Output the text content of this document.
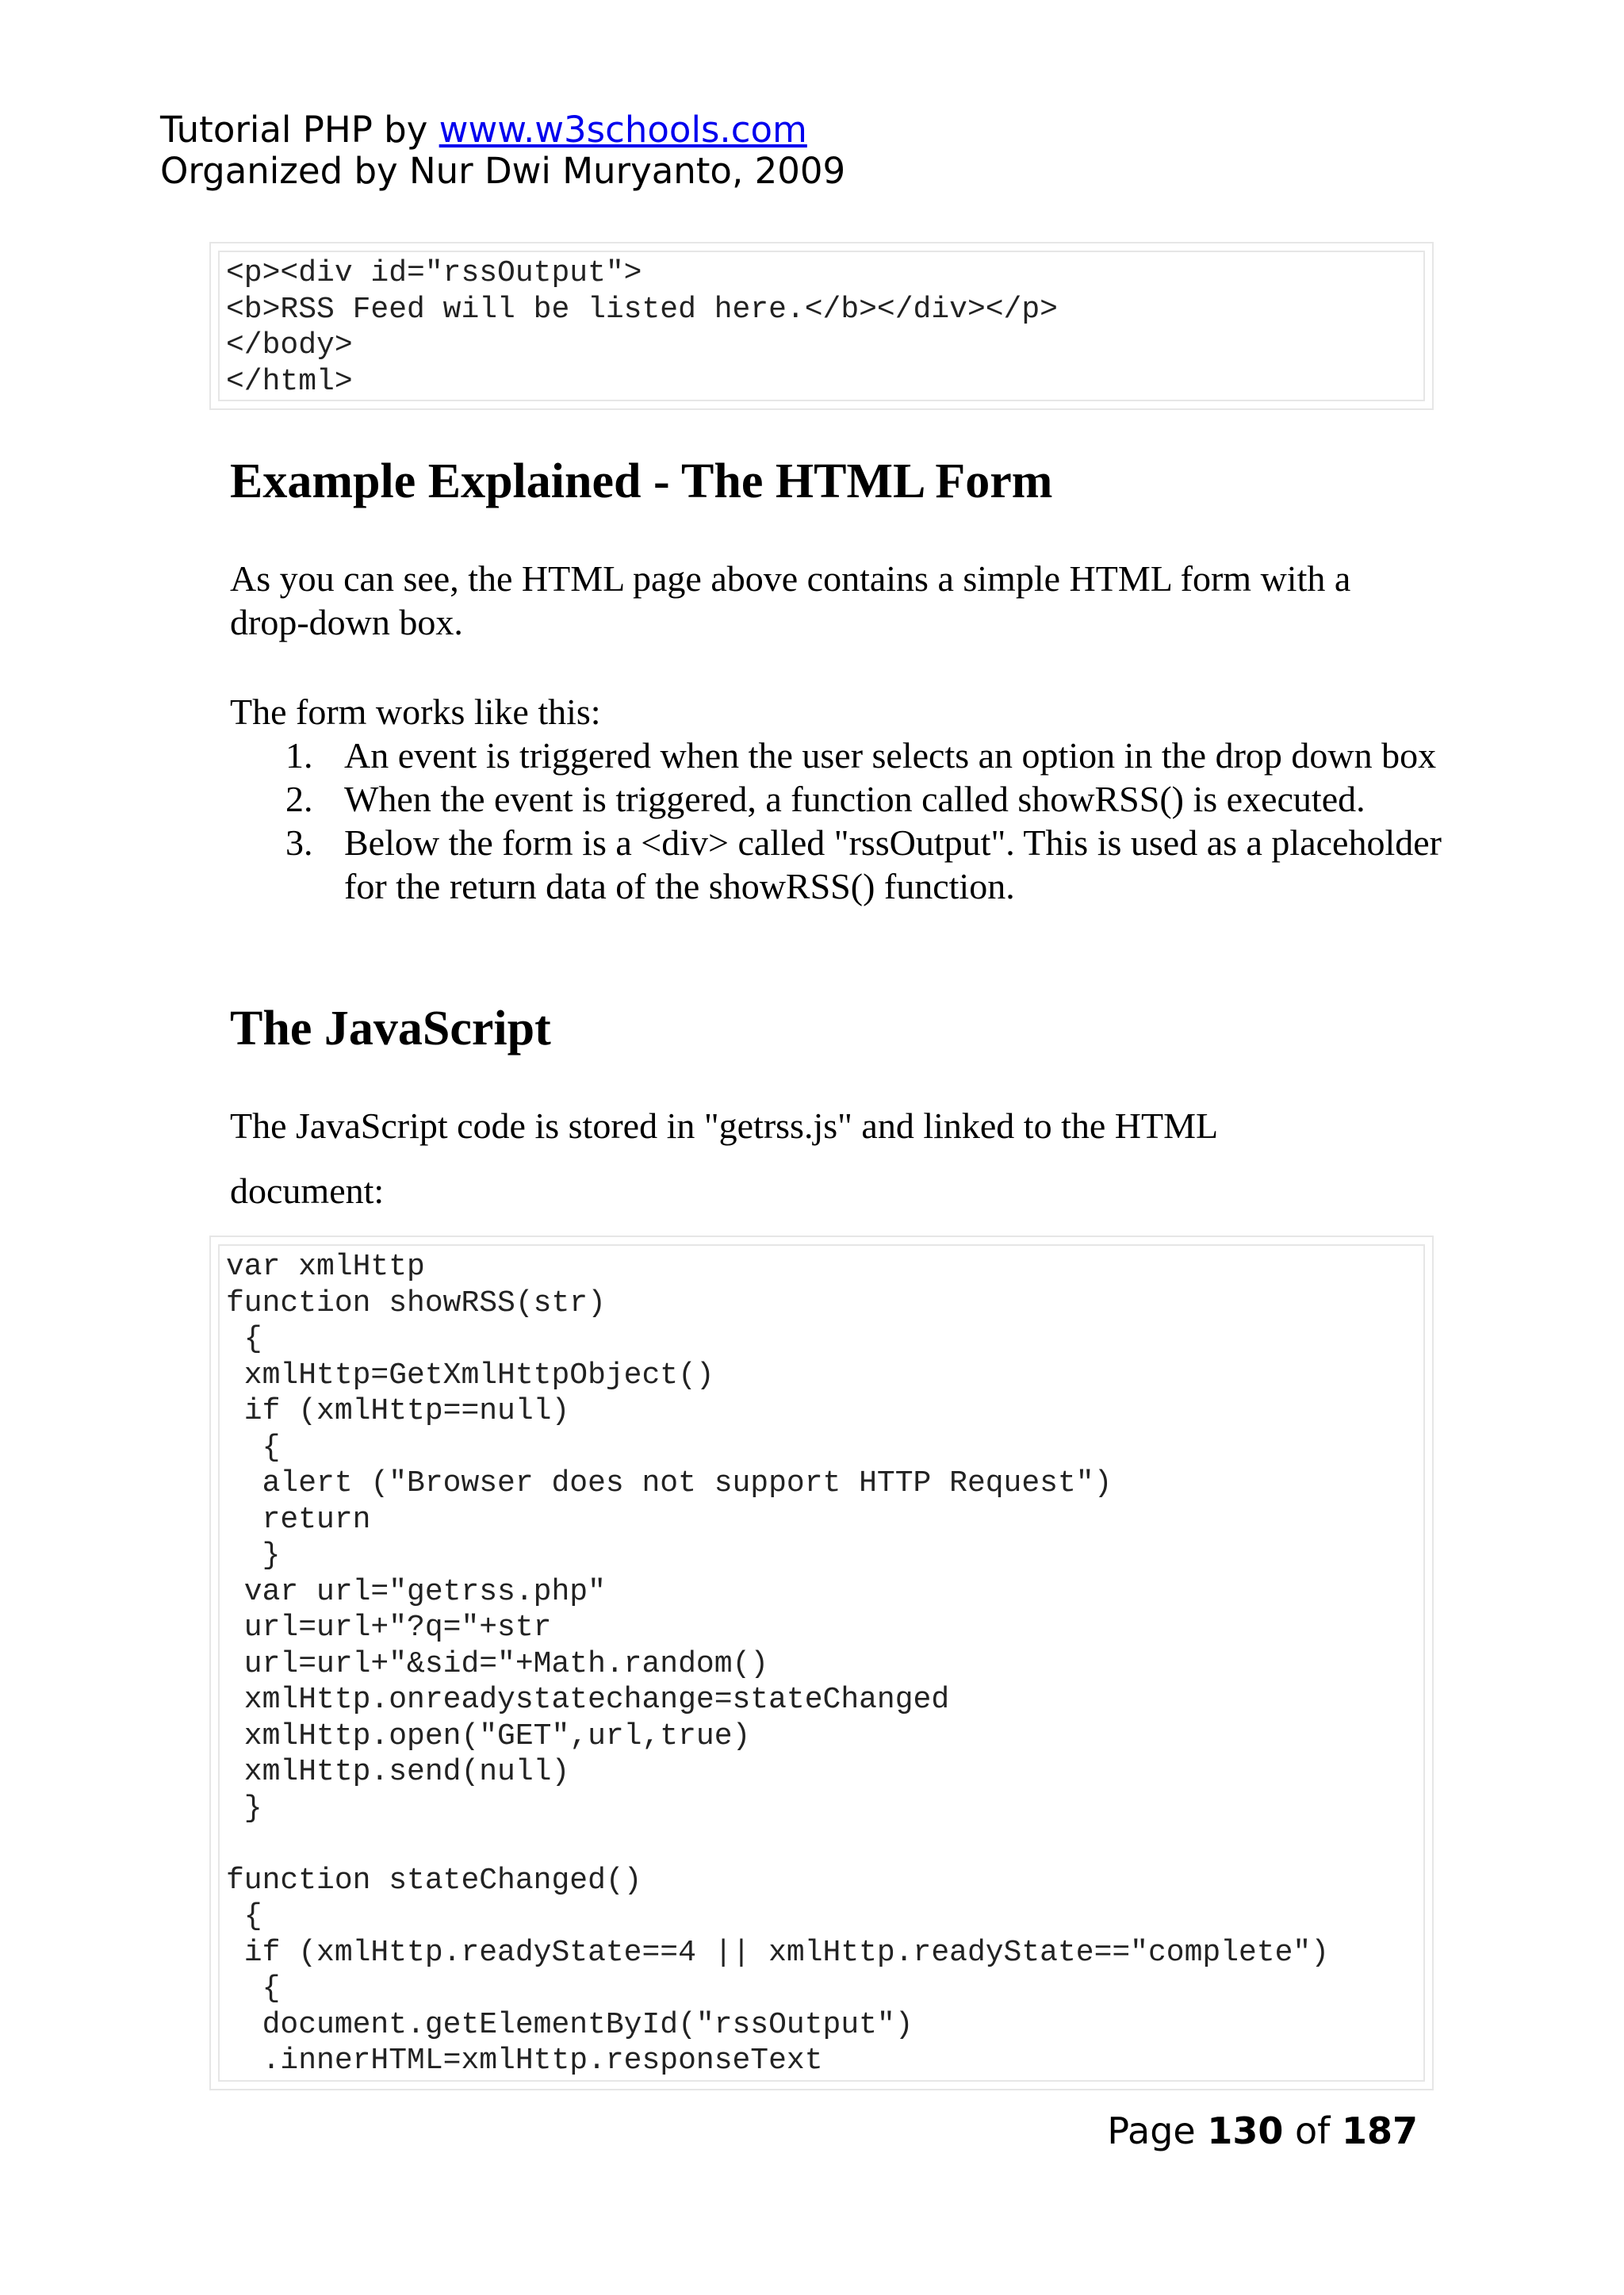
Tutorial PHP by www.w3schools.com
Organized by Nur Dwi Muryanto, 2009
<p><div id="rssOutput">
<b>RSS Feed will be listed here.</b></div></p>
</body>
</html>
Example Explained - The HTML Form

As you can see, the HTML page above contains a simple HTML form with a drop-down box.

The form works like this:

1. An event is triggered when the user selects an option in the drop down box
2. When the event is triggered, a function called showRSS() is executed.
3. Below the form is a <div> called "rssOutput". This is used as a placeholder for the return data of the showRSS() function.
The JavaScript

The JavaScript code is stored in "getrss.js" and linked to the HTML

document:

var xmlHttp
function showRSS(str)
{
xmlHttp=GetXmlHttpObject()
if (xmlHttp==null)
{
alert ("Browser does not support HTTP Request")
return
}
var url="getrss.php"
url=url+"?q="+str
url=url+"&sid="+Math.random()
xmlHttp.onreadystatechange=stateChanged
xmlHttp.open("GET",url,true)
xmlHttp.send(null)
}

function stateChanged()
{
if (xmlHttp.readyState==4 || xmlHttp.readyState=="complete")
{
document.getElementById("rssOutput")
.innerHTML=xmlHttp.responseText
Page 130 of 187
